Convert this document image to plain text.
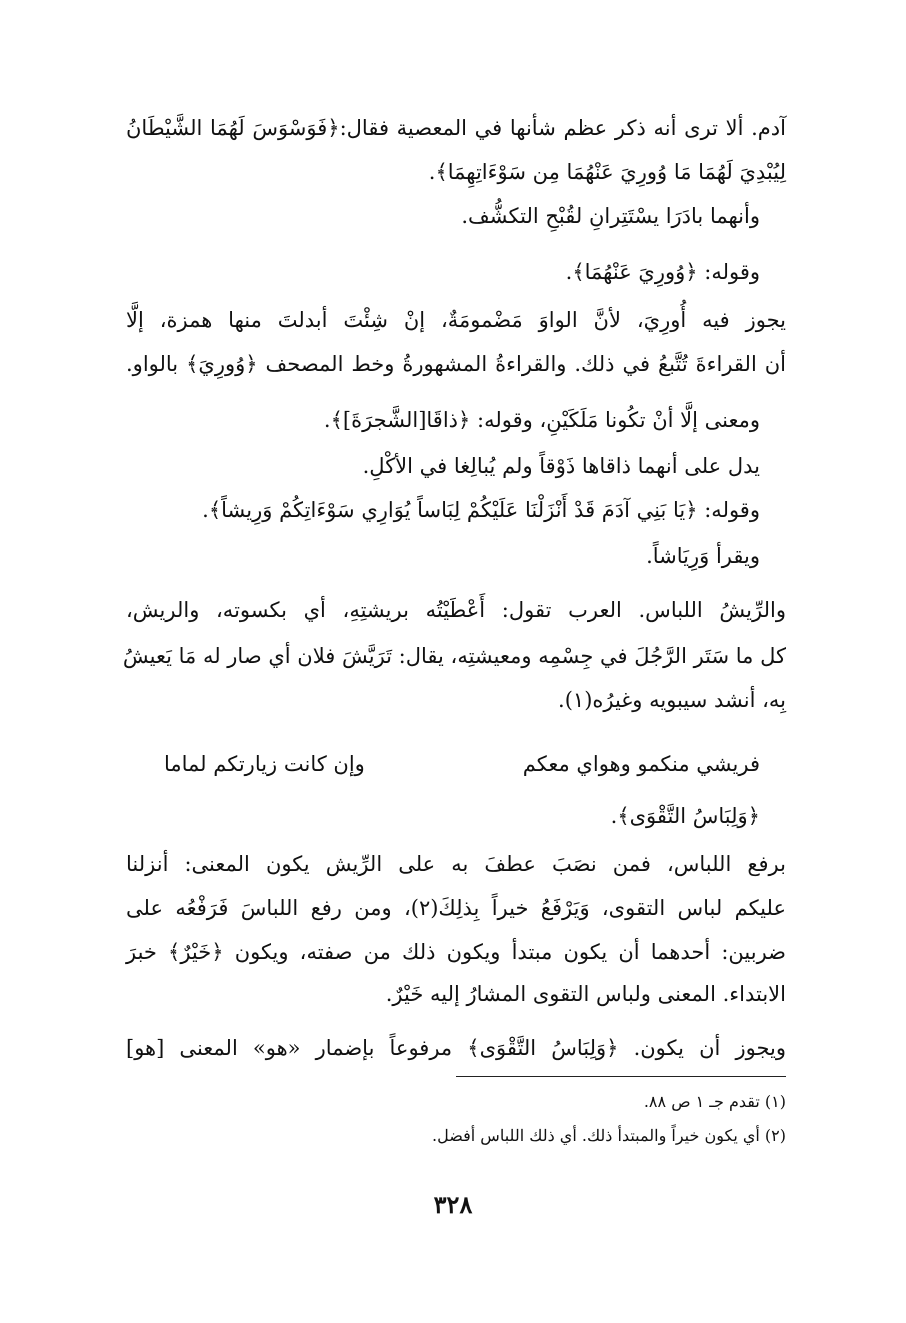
آدم. ألا ترى أنه ذكر عظم شأنها في المعصية فقال:﴿فَوَسْوَسَ لَهُمَا الشَّيْطَانُ
لِيُبْدِيَ لَهُمَا مَا وُورِيَ عَنْهُمَا مِن سَوْءَاتِهِمَا﴾.
وأنهما بادَرَا يسْتَتِرانِ لقُبْحِ التكشُّف.
وقوله: ﴿وُورِيَ عَنْهُمَا﴾.
يجوز فيه أُورِيَ، لأنَّ الواوَ مَضْمومَةٌ، إنْ شِئْتَ أبدلتَ منها همزة، إلَّا
أن القراءةَ تُتَّبعُ في ذلك. والقراءةُ المشهورةُ وخط المصحف ﴿وُورِيَ﴾ بالواو.
ومعنى إلَّا أنْ تكُونا مَلَكَيْنِ، وقوله: ﴿ذاقَا[الشَّجرَةَ]﴾.
يدل على أنهما ذاقاها ذَوْقاً ولم يُبالِغا في الأكْلِ.
وقوله: ﴿يَا بَنِي آدَمَ قَدْ أَنْزَلْنَا عَلَيْكُمْ لِبَاساً يُوَارِي سَوْءَاتِكُمْ وَرِيشاً﴾.
ويقرأ وَرِيَاشاً.
والرِّيشُ اللباس. العرب تقول: أَعْطَيْتُه بريشتِهِ، أي بكسوته، والريش،
كل ما سَتَر الرَّجُلَ في جِسْمِه ومعيشتِه، يقال: تَرَيَّشَ فلان أي صار له مَا يَعيشُ
بِه، أنشد سيبويه وغيرُه(١).
فريشي منكمو وهواي معكم
وإن كانت زيارتكم لماما
﴿وَلِبَاسُ التَّقْوَى﴾.
برفع اللباس، فمن نصَبَ عطفَ به على الرِّيش يكون المعنى: أنزلنا
عليكم لباس التقوى، وَيَرْفَعُ خيراً بِذلِكَ(٢)، ومن رفع اللباسَ فَرَفْعُه على
ضربين: أحدهما أن يكون مبتدأ ويكون ذلك من صفته، ويكون ﴿خَيْرٌ﴾ خبرَ
الابتداء. المعنى ولباس التقوى المشارُ إليه خَيْرٌ.
ويجوز أن يكون. ﴿وَلِبَاسُ التَّقْوَى﴾ مرفوعاً بإضمار «هو» المعنى [هو]
(١) تقدم جـ ١ ص ٨٨.
(٢) أي يكون خيراً والمبتدأ ذلك. أي ذلك اللباس أفضل.
٣٢٨
